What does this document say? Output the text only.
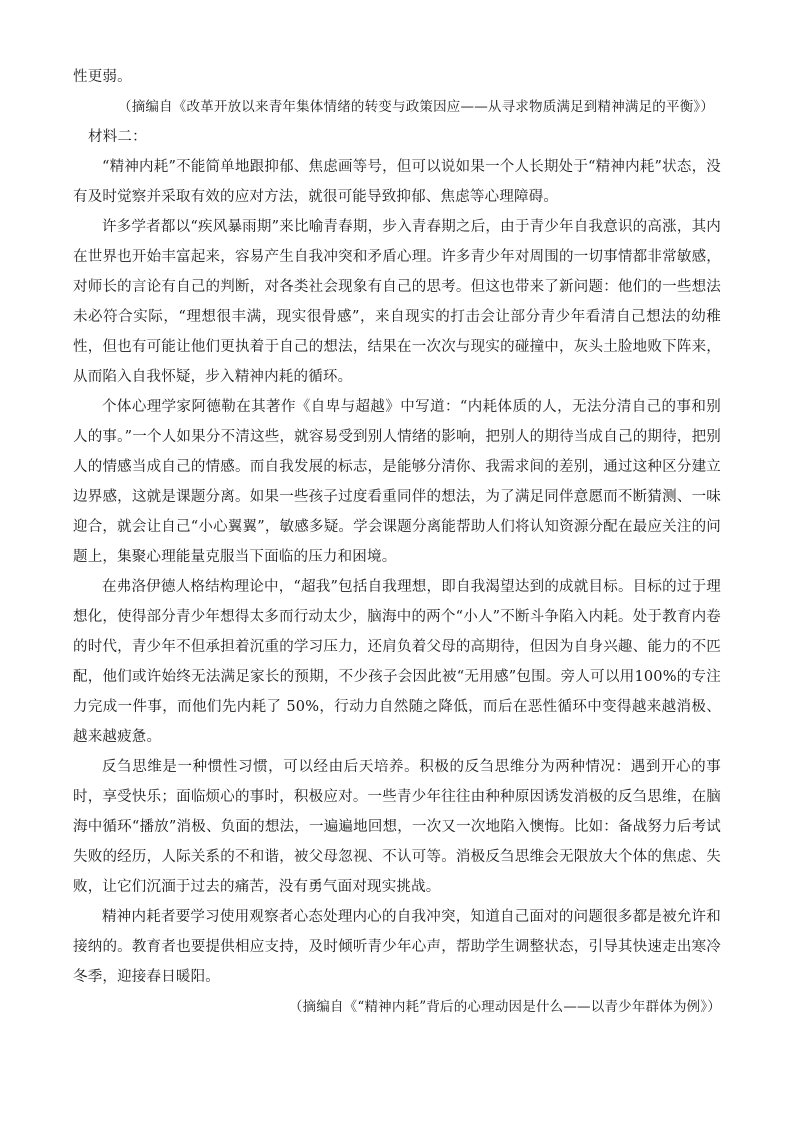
性更弱。

（摘编自《改革开放以来青年集体情绪的转变与政策因应——从寻求物质满足到精神满足的平衡》）

材料二：

“精神内耗”不能简单地跟抑郁、焦虑画等号，但可以说如果一个人长期处于“精神内耗”状态，没有及时觉察并采取有效的应对方法，就很可能导致抑郁、焦虑等心理障碍。

许多学者都以“疾风暴雨期”来比喻青春期，步入青春期之后，由于青少年自我意识的高涨，其内在世界也开始丰富起来，容易产生自我冲突和矛盾心理。许多青少年对周围的一切事情都非常敏感，对师长的言论有自己的判断，对各类社会现象有自己的思考。但这也带来了新问题：他们的一些想法未必符合实际，“理想很丰满，现实很骨感”，来自现实的打击会让部分青少年看清自己想法的幼稚性，但也有可能让他们更执着于自己的想法，结果在一次次与现实的碰撞中，灰头土脸地败下阵来，从而陷入自我怀疑，步入精神内耗的循环。

个体心理学家阿德勒在其著作《自卑与超越》中写道：“内耗体质的人，无法分清自己的事和别人的事。”一个人如果分不清这些，就容易受到别人情绪的影响，把别人的期待当成自己的期待，把别人的情感当成自己的情感。而自我发展的标志，是能够分清你、我需求间的差别，通过这种区分建立边界感，这就是课题分离。如果一些孩子过度看重同伴的想法，为了满足同伴意愿而不断猜测、一味迎合，就会让自己“小心翼翼”，敏感多疑。学会课题分离能帮助人们将认知资源分配在最应关注的问题上，集聚心理能量克服当下面临的压力和困境。

在弗洛伊德人格结构理论中，“超我”包括自我理想，即自我渴望达到的成就目标。目标的过于理想化，使得部分青少年想得太多而行动太少，脑海中的两个“小人”不断斗争陷入内耗。处于教育内卷的时代，青少年不但承担着沉重的学习压力，还肩负着父母的高期待，但因为自身兴趣、能力的不匹配，他们或许始终无法满足家长的预期，不少孩子会因此被“无用感”包围。旁人可以用100%的专注力完成一件事，而他们先内耗了 50%，行动力自然随之降低，而后在恶性循环中变得越来越消极、越来越疲惫。

反刍思维是一种惯性习惯，可以经由后天培养。积极的反刍思维分为两种情况：遇到开心的事时，享受快乐；面临烦心的事时，积极应对。一些青少年往往由种种原因诱发消极的反刍思维，在脑海中循环“播放”消极、负面的想法，一遍遍地回想，一次又一次地陷入懊悔。比如：备战努力后考试失败的经历，人际关系的不和谐，被父母忽视、不认可等。消极反刍思维会无限放大个体的焦虑、失败，让它们沉湎于过去的痛苦，没有勇气面对现实挑战。

精神内耗者要学习使用观察者心态处理内心的自我冲突，知道自己面对的问题很多都是被允许和接纳的。教育者也要提供相应支持，及时倾听青少年心声，帮助学生调整状态，引导其快速走出寒冷冬季，迎接春日暖阳。

（摘编自《“精神内耗”背后的心理动因是什么——以青少年群体为例》）
